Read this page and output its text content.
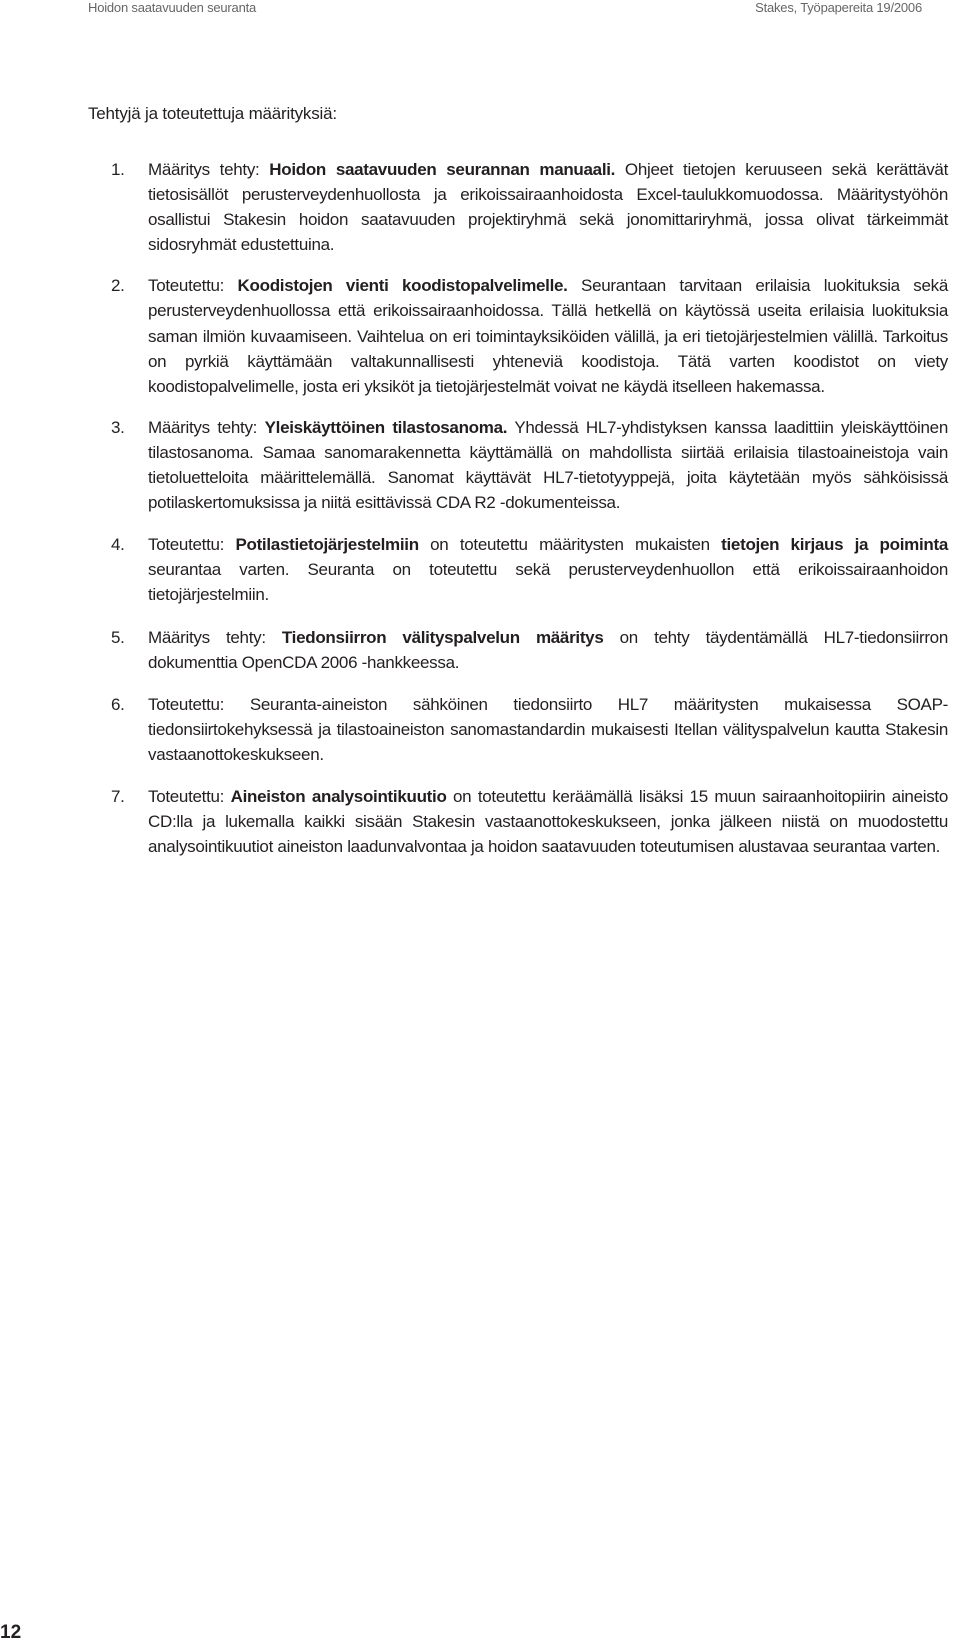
Hoidon saatavuuden seuranta	Stakes, Työpapereita 19/2006
Tehtyjä ja toteutettuja määrityksiä:
1.	Määritys tehty: Hoidon saatavuuden seurannan manuaali. Ohjeet tietojen keruuseen sekä kerättävät tietosisällöt perusterveydenhuollosta ja erikoissairaanhoidosta Excel-taulukkomuodossa. Määritystyöhön osallistui Stakesin hoidon saatavuuden projektiryhmä sekä jonomittariryhmä, jossa olivat tärkeimmät sidosryhmät edustettuina.
2.	Toteutettu: Koodistojen vienti koodistopalvelimelle. Seurantaan tarvitaan erilaisia luokituksia sekä perusterveydenhuollossa että erikoissairaanhoidossa. Tällä hetkellä on käytössä useita erilaisia luokituksia saman ilmiön kuvaamiseen. Vaihtelua on eri toimintayksiköiden välillä, ja eri tietojärjestelmien välillä. Tarkoitus on pyrkiä käyttämään valtakunnallisesti yhteneviä koodistoja. Tätä varten koodistot on viety koodistopalvelimelle, josta eri yksiköt ja tietojärjestelmät voivat ne käydä itselleen hakemassa.
3.	Määritys tehty: Yleiskäyttöinen tilastosanoma. Yhdessä HL7-yhdistyksen kanssa laadittiin yleiskäyttöinen tilastosanoma. Samaa sanomarakennetta käyttämällä on mahdollista siirtää erilaisia tilastoaineistoja vain tietoluetteloita määrittelemällä. Sanomat käyttävät HL7-tietotyyppejä, joita käytetään myös sähköisissä potilaskertomuksissa ja niitä esittävissä CDA R2 -dokumenteissa.
4.	Toteutettu: Potilastietojärjestelmiin on toteutettu määritysten mukaisten tietojen kirjaus ja poiminta seurantaa varten. Seuranta on toteutettu sekä perusterveydenhuollon että erikoissairaanhoidon tietojärjestelmiin.
5.	Määritys tehty: Tiedonsiirron välityspalvelun määritys on tehty täydentämällä HL7-tiedonsiirron dokumenttia OpenCDA 2006 -hankkeessa.
6.	Toteutettu: Seuranta-aineiston sähköinen tiedonsiirto HL7 määritysten mukaisessa SOAP-tiedonsiirtokehyksessä ja tilastoaineiston sanomastandardin mukaisesti Itellan välityspalvelun kautta Stakesin vastaanottokeskukseen.
7.	Toteutettu: Aineiston analysointikuutio on toteutettu keräämällä lisäksi 15 muun sairaanhoitopiirin aineisto CD:lla ja lukemalla kaikki sisään Stakesin vastaanottokeskukseen, jonka jälkeen niistä on muodostettu analysointikuutiot aineiston laadunvalvontaa ja hoidon saatavuuden toteutumisen alustavaa seurantaa varten.
12
